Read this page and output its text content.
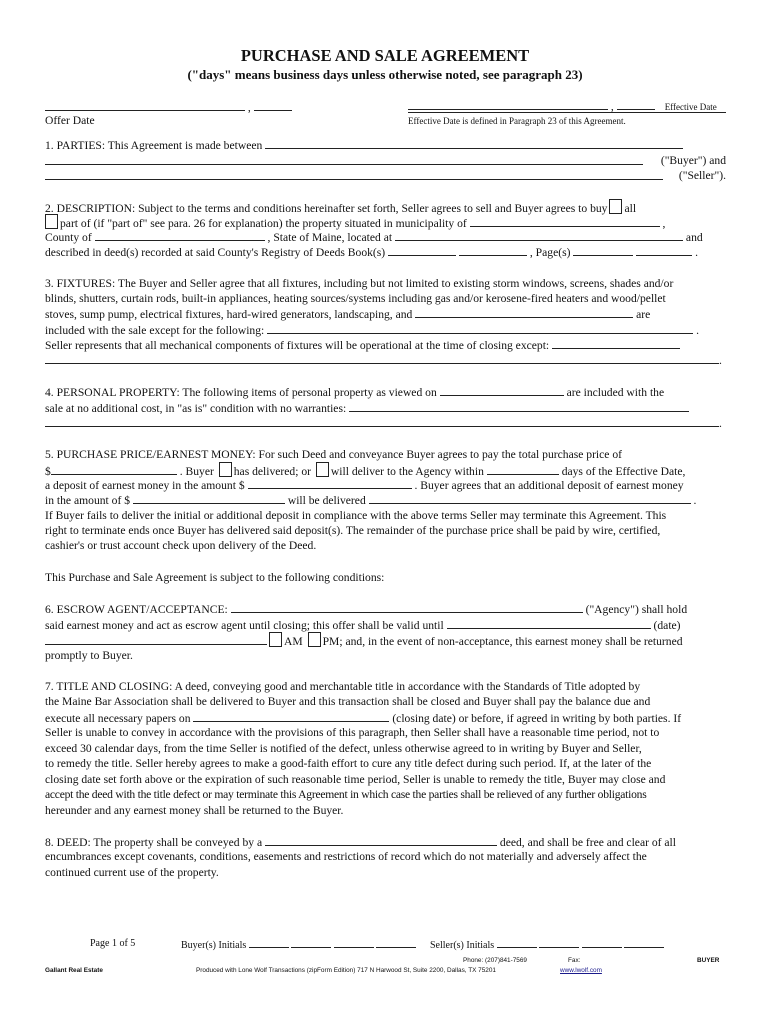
PURCHASE AND SALE AGREEMENT
("days" means business days unless otherwise noted, see paragraph 23)
,
Offer Date
,	Effective Date
Effective Date is defined in Paragraph 23 of this Agreement.
1. PARTIES: This Agreement is made between
("Buyer") and
("Seller").
2. DESCRIPTION: Subject to the terms and conditions hereinafter set forth, Seller agrees to sell and Buyer agrees to buy all
part of (if "part of" see para. 26 for explanation) the property situated in municipality of	,
County of	, State of Maine, located at	and
described in deed(s) recorded at said County's Registry of Deeds Book(s)	, Page(s)	.
3. FIXTURES: The Buyer and Seller agree that all fixtures, including but not limited to existing storm windows, screens, shades and/or
blinds, shutters, curtain rods, built-in appliances, heating sources/systems including gas and/or kerosene-fired heaters and wood/pellet
stoves, sump pump, electrical fixtures, hard-wired generators, landscaping, and	are
included with the sale except for the following:	.
Seller represents that all mechanical components of fixtures will be operational at the time of closing except:
.
4. PERSONAL PROPERTY: The following items of personal property as viewed on	are included with the
sale at no additional cost, in "as is" condition with no warranties:
.
5. PURCHASE PRICE/EARNEST MONEY: For such Deed and conveyance Buyer agrees to pay the total purchase price of
$	. Buyer has delivered; or will deliver to the Agency within	days of the Effective Date,
a deposit of earnest money in the amount $	. Buyer agrees that an additional deposit of earnest money
in the amount of $	will be delivered	.
If Buyer fails to deliver the initial or additional deposit in compliance with the above terms Seller may terminate this Agreement. This
right to terminate ends once Buyer has delivered said deposit(s). The remainder of the purchase price shall be paid by wire, certified,
cashier's or trust account check upon delivery of the Deed.
This Purchase and Sale Agreement is subject to the following conditions:
6. ESCROW AGENT/ACCEPTANCE:	("Agency") shall hold
said earnest money and act as escrow agent until closing; this offer shall be valid until	(date)
AM PM; and, in the event of non-acceptance, this earnest money shall be returned
promptly to Buyer.
7. TITLE AND CLOSING: A deed, conveying good and merchantable title in accordance with the Standards of Title adopted by
the Maine Bar Association shall be delivered to Buyer and this transaction shall be closed and Buyer shall pay the balance due and
execute all necessary papers on	(closing date) or before, if agreed in writing by both parties. If
Seller is unable to convey in accordance with the provisions of this paragraph, then Seller shall have a reasonable time period, not to
exceed 30 calendar days, from the time Seller is notified of the defect, unless otherwise agreed to in writing by Buyer and Seller,
to remedy the title. Seller hereby agrees to make a good-faith effort to cure any title defect during such period. If, at the later of the
closing date set forth above or the expiration of such reasonable time period, Seller is unable to remedy the title, Buyer may close and
accept the deed with the title defect or may terminate this Agreement in which case the parties shall be relieved of any further obligations
hereunder and any earnest money shall be returned to the Buyer.
8. DEED: The property shall be conveyed by a	deed, and shall be free and clear of all
encumbrances except covenants, conditions, easements and restrictions of record which do not materially and adversely affect the
continued current use of the property.
Page 1 of 5	Buyer(s) Initials	Seller(s) Initials
Phone: (207)841-7569	Fax:	BUYER
Gallant Real Estate	Produced with Lone Wolf Transactions (zipForm Edition) 717 N Harwood St, Suite 2200, Dallas, TX 75201	www.lwolf.com
